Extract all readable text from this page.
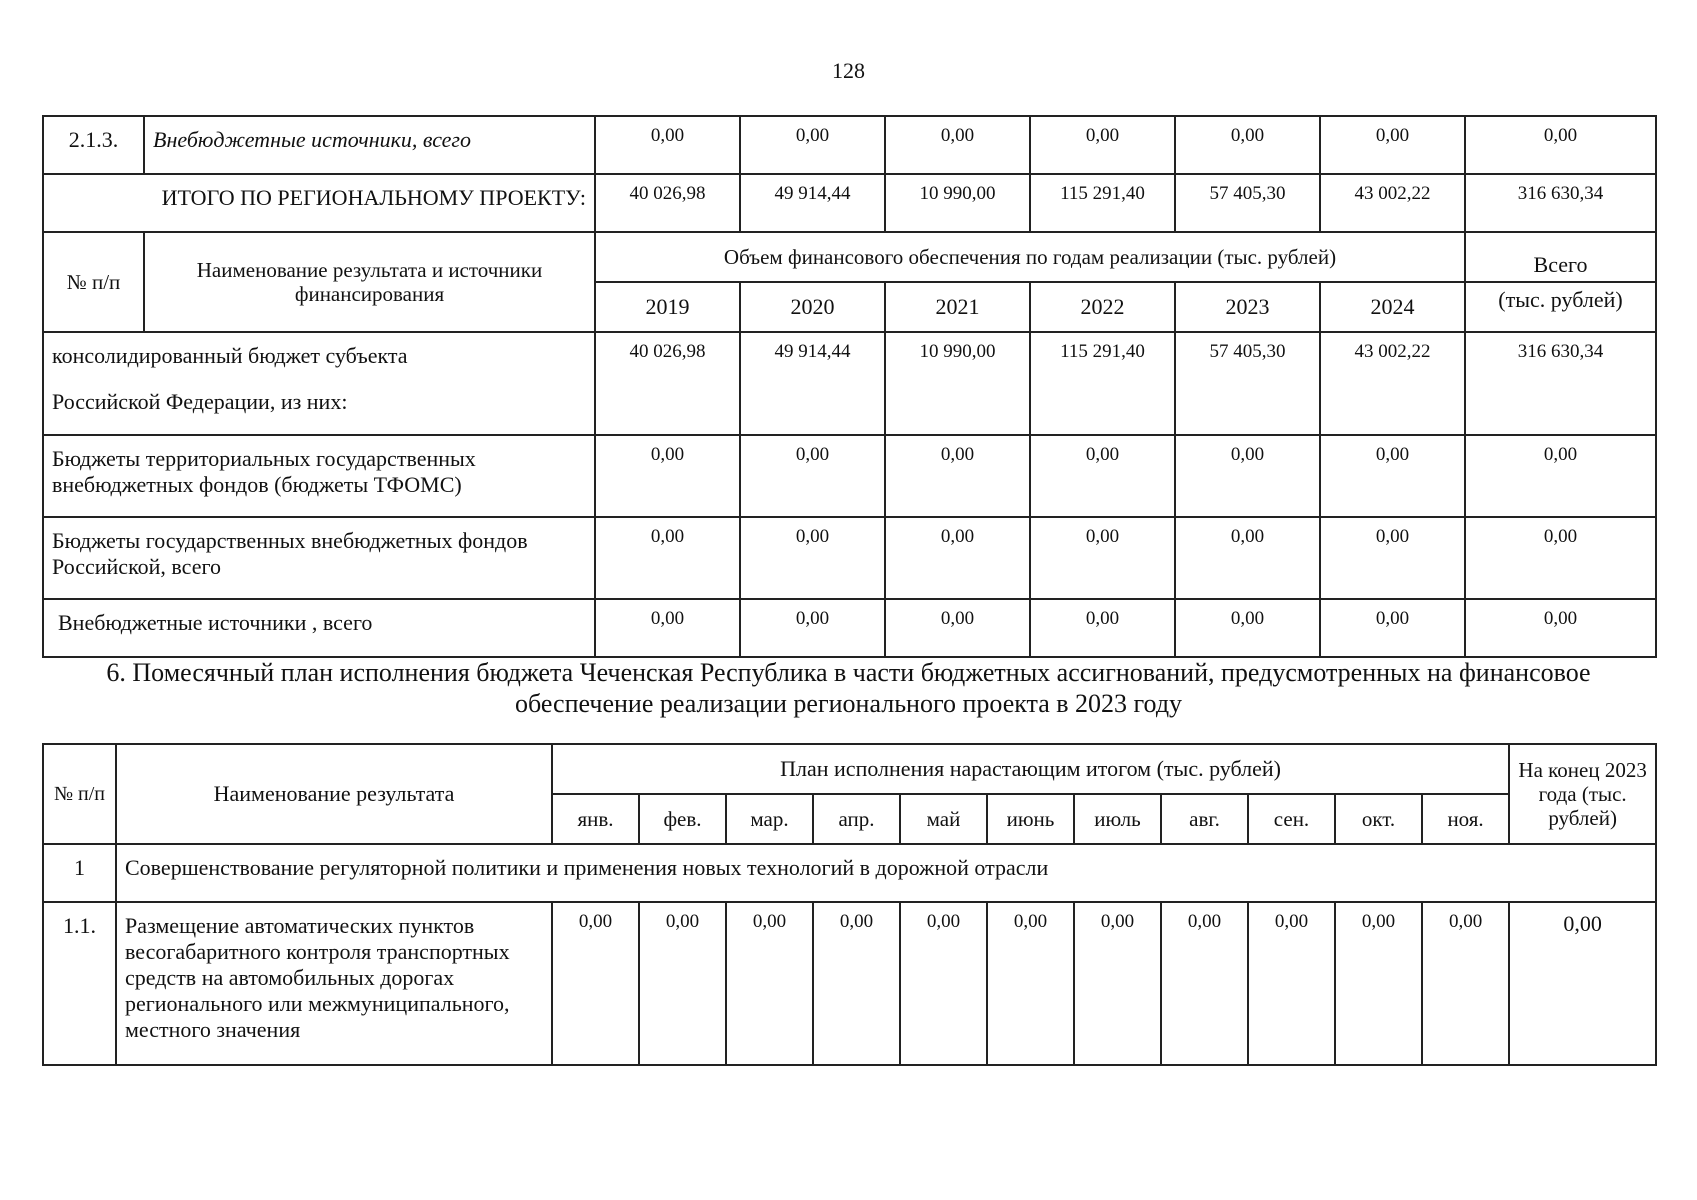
128
2.1.3.	Внебюджетные источники, всего	0,00	0,00	0,00	0,00	0,00	0,00	0,00
ИТОГО ПО РЕГИОНАЛЬНОМУ ПРОЕКТУ:		40 026,98	49 914,44	10 990,00	115 291,40	57 405,30	43 002,22	316 630,34
№ п/п	Наименование результата и источники финансирования	Объем финансового обеспечения по годам реализации (тыс. рублей)						Всего
		2019	2020	2021	2022	2023	2024	(тыс. рублей)

консолидированный бюджет субъекта
Российской Федерации, из них:		40 026,98	49 914,44	10 990,00	115 291,40	57 405,30	43 002,22	316 630,34
Бюджеты территориальных государственных внебюджетных фондов (бюджеты ТФОМС)		0,00	0,00	0,00	0,00	0,00	0,00	0,00
Бюджеты государственных внебюджетных фондов Российской, всего		0,00	0,00	0,00	0,00	0,00	0,00	0,00
Внебюджетные источники , всего		0,00	0,00	0,00	0,00	0,00	0,00	0,00
6. Помесячный план исполнения бюджета Чеченская Республика в части бюджетных ассигнований, предусмотренных на финансовое обеспечение реализации регионального проекта в 2023 году
№ п/п	Наименование результата	План исполнения нарастающим итогом (тыс. рублей)											На конец 2023 года (тыс. рублей)
		янв.	фев.	мар.	апр.	май	июнь	июль	авг.	сен.	окт.	ноя.	
1	Совершенствование регуляторной политики и применения новых технологий в дорожной отрасли												
1.1.	Размещение автоматических пунктов весогабаритного контроля транспортных средств на автомобильных дорогах регионального или межмуниципального, местного значения	0,00	0,00	0,00	0,00	0,00	0,00	0,00	0,00	0,00	0,00	0,00	0,00
